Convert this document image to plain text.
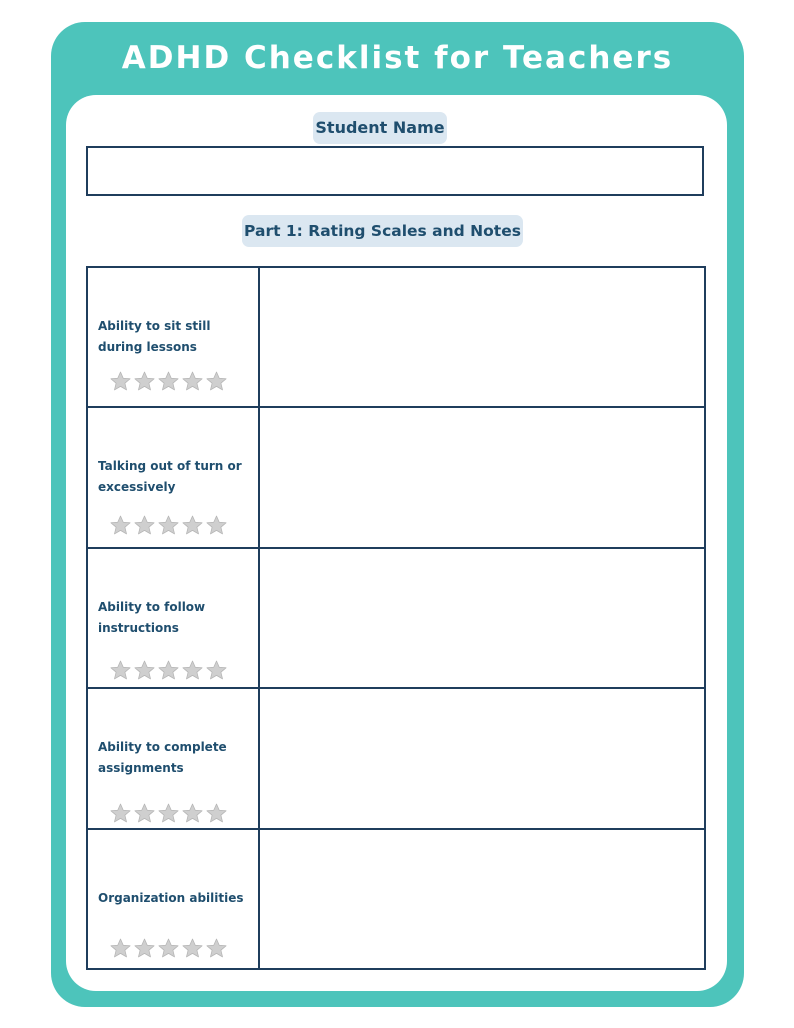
ADHD Checklist for Teachers
Student Name
Part 1: Rating Scales and Notes
Ability to sit still during lessons
Talking out of turn or excessively
Ability to follow instructions
Ability to complete assignments
Organization abilities
